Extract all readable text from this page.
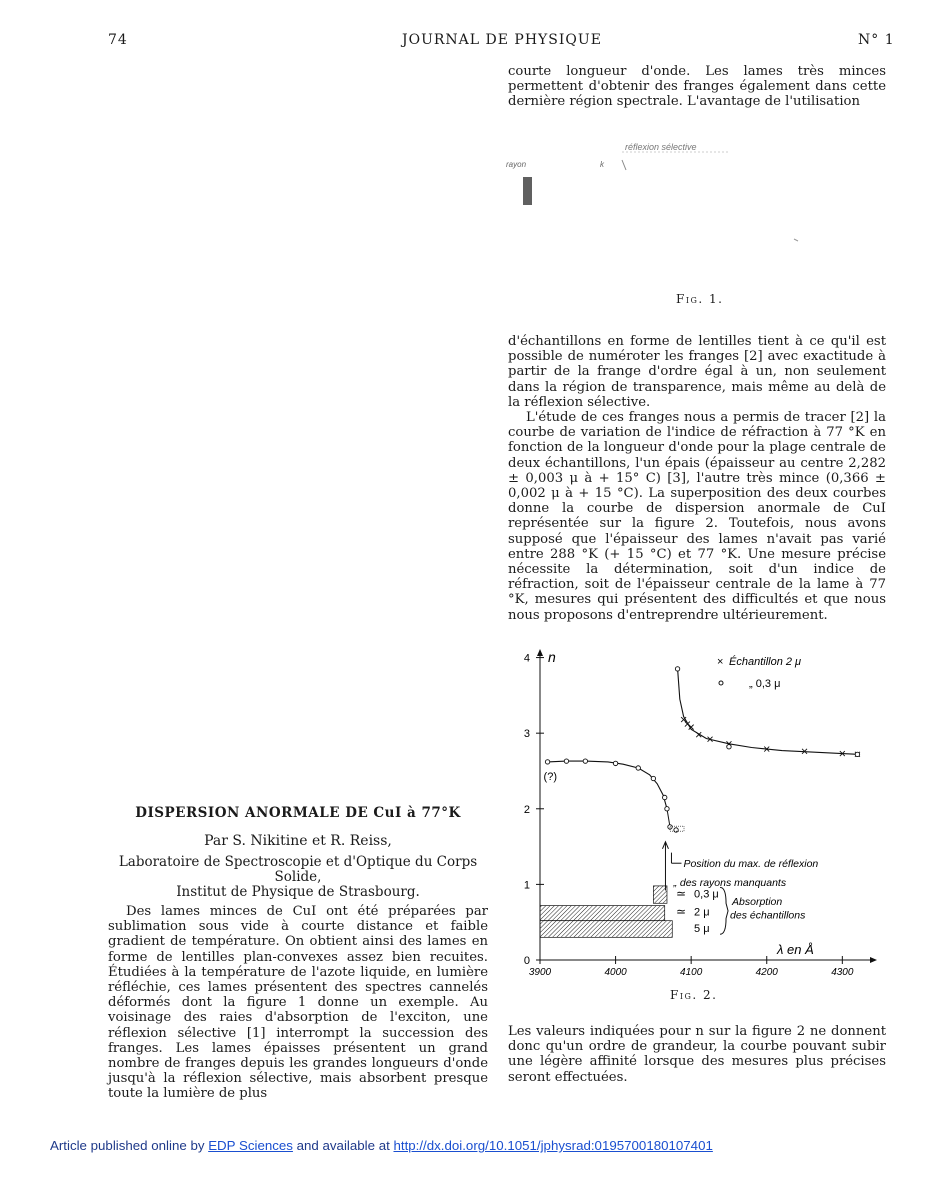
74	JOURNAL DE PHYSIQUE	N° 1

courte longueur d'onde. Les lames très minces permettent d'obtenir des franges également dans cette dernière région spectrale. L'avantage de l'utilisation

réflexion sélective
rayon	k
Fig. 1.

d'échantillons en forme de lentilles tient à ce qu'il est possible de numéroter les franges [2] avec exactitude à partir de la frange d'ordre égal à un, non seulement dans la région de transparence, mais même au delà de la réflexion sélective.

L'étude de ces franges nous a permis de tracer [2] la courbe de variation de l'indice de réfraction à 77 °K en fonction de la longueur d'onde pour la plage centrale de deux échantillons, l'un épais (épaisseur au centre 2,282 ± 0,003 μ à + 15° C) [3], l'autre très mince (0,366 ± 0,002 μ à + 15 °C). La superposition des deux courbes donne la courbe de dispersion anormale de CuI représentée sur la figure 2. Toutefois, nous avons supposé que l'épaisseur des lames n'avait pas varié entre 288 °K (+ 15 °C) et 77 °K. Une mesure précise nécessite la détermination, soit d'un indice de réfraction, soit de l'épaisseur centrale de la lame à 77 °K, mesures qui présentent des difficultés et que nous nous proposons d'entreprendre ultérieurement.

n
λ en Å
3900	4000	4100	4200	4300
0
1
2
3
4	× Échantillon 2 μ
„ 0,3 μ
(?)
Position du max. de réflexion
„ des rayons manquants
≃ 0,3 μ
≃ 2 μ
5 μ
Absorption
des échantillons
Fig. 2.

Les valeurs indiquées pour n sur la figure 2 ne donnent donc qu'un ordre de grandeur, la courbe pouvant subir une légère affinité lorsque des mesures plus précises seront effectuées.

DISPERSION ANORMALE DE CuI à 77°K
Par S. Nikitine et R. Reiss,
Laboratoire de Spectroscopie et d'Optique du Corps Solide,
Institut de Physique de Strasbourg.

Des lames minces de CuI ont été préparées par sublimation sous vide à courte distance et faible gradient de température. On obtient ainsi des lames en forme de lentilles plan-convexes assez bien recuites. Étudiées à la température de l'azote liquide, en lumière réfléchie, ces lames présentent des spectres cannelés déformés dont la figure 1 donne un exemple. Au voisinage des raies d'absorption de l'exciton, une réflexion sélective [1] interrompt la succession des franges. Les lames épaisses présentent un grand nombre de franges depuis les grandes longueurs d'onde jusqu'à la réflexion sélective, mais absorbent presque toute la lumière de plus

Article published online by EDP Sciences and available at http://dx.doi.org/10.1051/jphysrad:0195700180107401
